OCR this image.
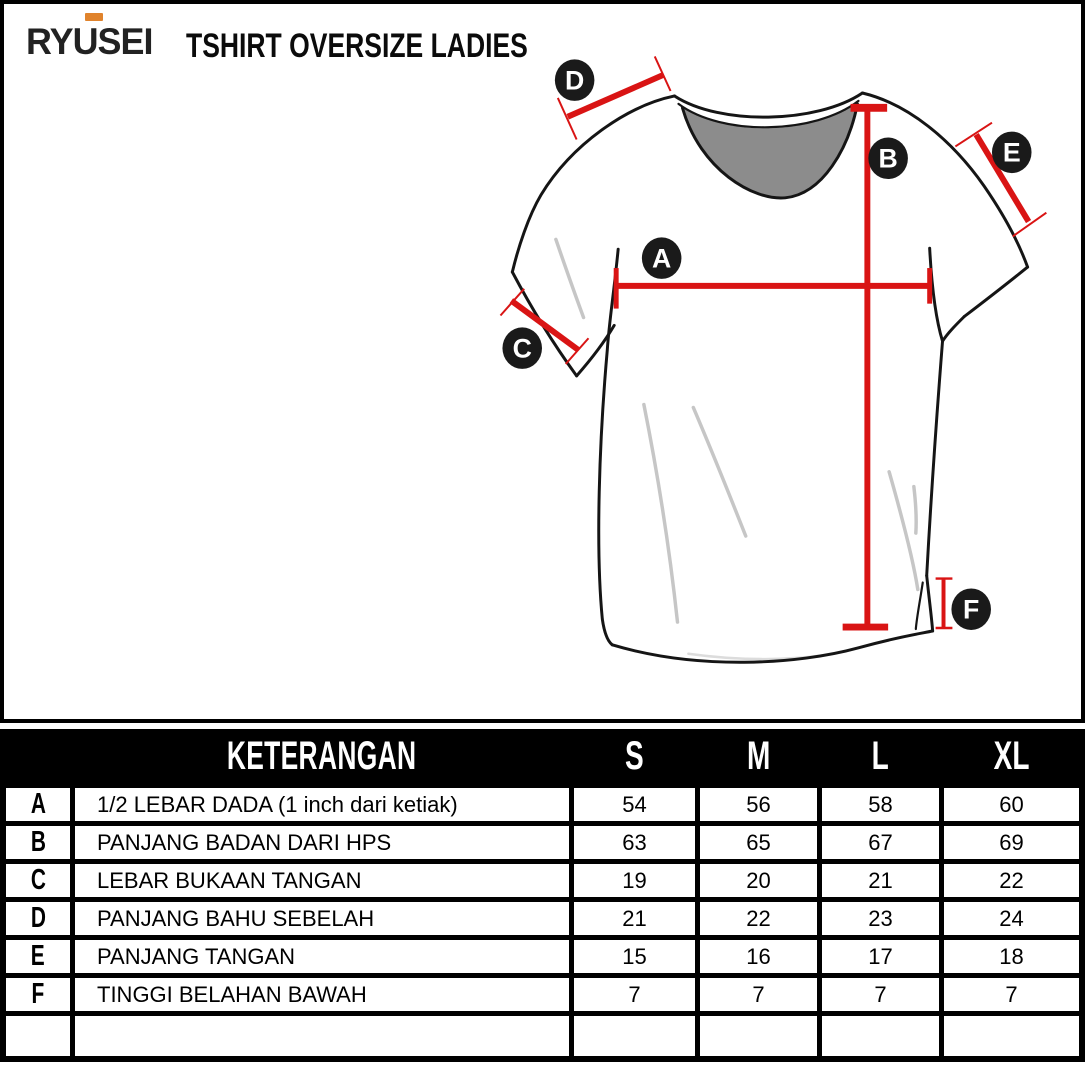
RYUSEI TSHIRT OVERSIZE LADIES
A
B
C
D
E
F
KETERANGAN	S	M	L	XL
A	1/2 LEBAR DADA (1 inch dari ketiak)	54	56	58	60
B	PANJANG BADAN DARI HPS	63	65	67	69
C	LEBAR BUKAAN TANGAN	19	20	21	22
D	PANJANG BAHU SEBELAH	21	22	23	24
E	PANJANG TANGAN	15	16	17	18
F	TINGGI BELAHAN BAWAH	7	7	7	7
